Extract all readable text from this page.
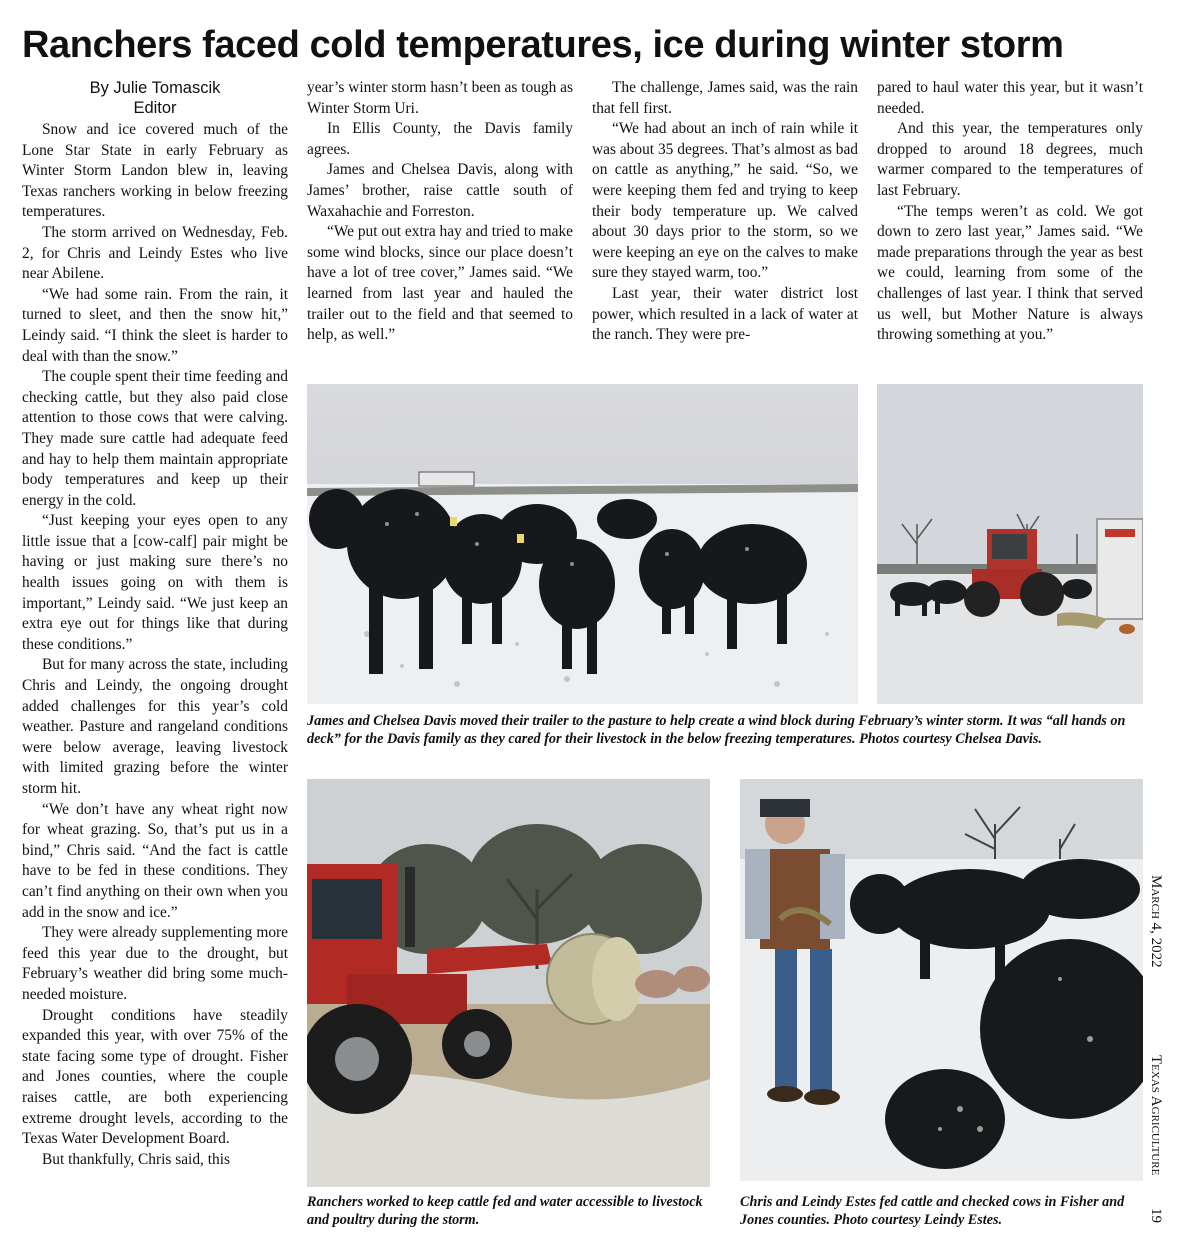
Ranchers faced cold temperatures, ice during winter storm
By Julie Tomascik
Editor

Snow and ice covered much of the Lone Star State in early February as Winter Storm Landon blew in, leaving Texas ranchers working in below freezing temperatures.

The storm arrived on Wednesday, Feb. 2, for Chris and Leindy Estes who live near Abilene.

“We had some rain. From the rain, it turned to sleet, and then the snow hit,” Leindy said. “I think the sleet is harder to deal with than the snow.”

The couple spent their time feeding and checking cattle, but they also paid close attention to those cows that were calving. They made sure cattle had adequate feed and hay to help them maintain appropriate body temperatures and keep up their energy in the cold.

“Just keeping your eyes open to any little issue that a [cow-calf] pair might be having or just making sure there’s no health issues going on with them is important,” Leindy said. “We just keep an extra eye out for things like that during these conditions.”

But for many across the state, including Chris and Leindy, the ongoing drought added challenges for this year’s cold weather. Pasture and rangeland conditions were below average, leaving livestock with limited grazing before the winter storm hit.

“We don’t have any wheat right now for wheat grazing. So, that’s put us in a bind,” Chris said. “And the fact is cattle have to be fed in these conditions. They can’t find anything on their own when you add in the snow and ice.”

They were already supplementing more feed this year due to the drought, but February’s weather did bring some much-needed moisture.

Drought conditions have steadily expanded this year, with over 75% of the state facing some type of drought. Fisher and Jones counties, where the couple raises cattle, are both experiencing extreme drought levels, according to the Texas Water Development Board.

But thankfully, Chris said, this

year’s winter storm hasn’t been as tough as Winter Storm Uri.

In Ellis County, the Davis family agrees.

James and Chelsea Davis, along with James’ brother, raise cattle south of Waxahachie and Forreston.

“We put out extra hay and tried to make some wind blocks, since our place doesn’t have a lot of tree cover,” James said. “We learned from last year and hauled the trailer out to the field and that seemed to help, as well.”

The challenge, James said, was the rain that fell first.

“We had about an inch of rain while it was about 35 degrees. That’s almost as bad on cattle as anything,” he said. “So, we were keeping them fed and trying to keep their body temperature up. We calved about 30 days prior to the storm, so we were keeping an eye on the calves to make sure they stayed warm, too.”

Last year, their water district lost power, which resulted in a lack of water at the ranch. They were pre-

pared to haul water this year, but it wasn’t needed.

And this year, the temperatures only dropped to around 18 degrees, much warmer compared to the temperatures of last February.

“The temps weren’t as cold. We got down to zero last year,” James said. “We made preparations through the year as best we could, learning from some of the challenges of last year. I think that served us well, but Mother Nature is always throwing something at you.”

James and Chelsea Davis moved their trailer to the pasture to help create a wind block during February’s winter storm. It was “all hands on deck” for the Davis family as they cared for their livestock in the below freezing temperatures. Photos courtesy Chelsea Davis.
Ranchers worked to keep cattle fed and water accessible to livestock and poultry during the storm.
Chris and Leindy Estes fed cattle and checked cows in Fisher and Jones counties. Photo courtesy Leindy Estes.
March 4, 2022
Texas Agriculture
19
